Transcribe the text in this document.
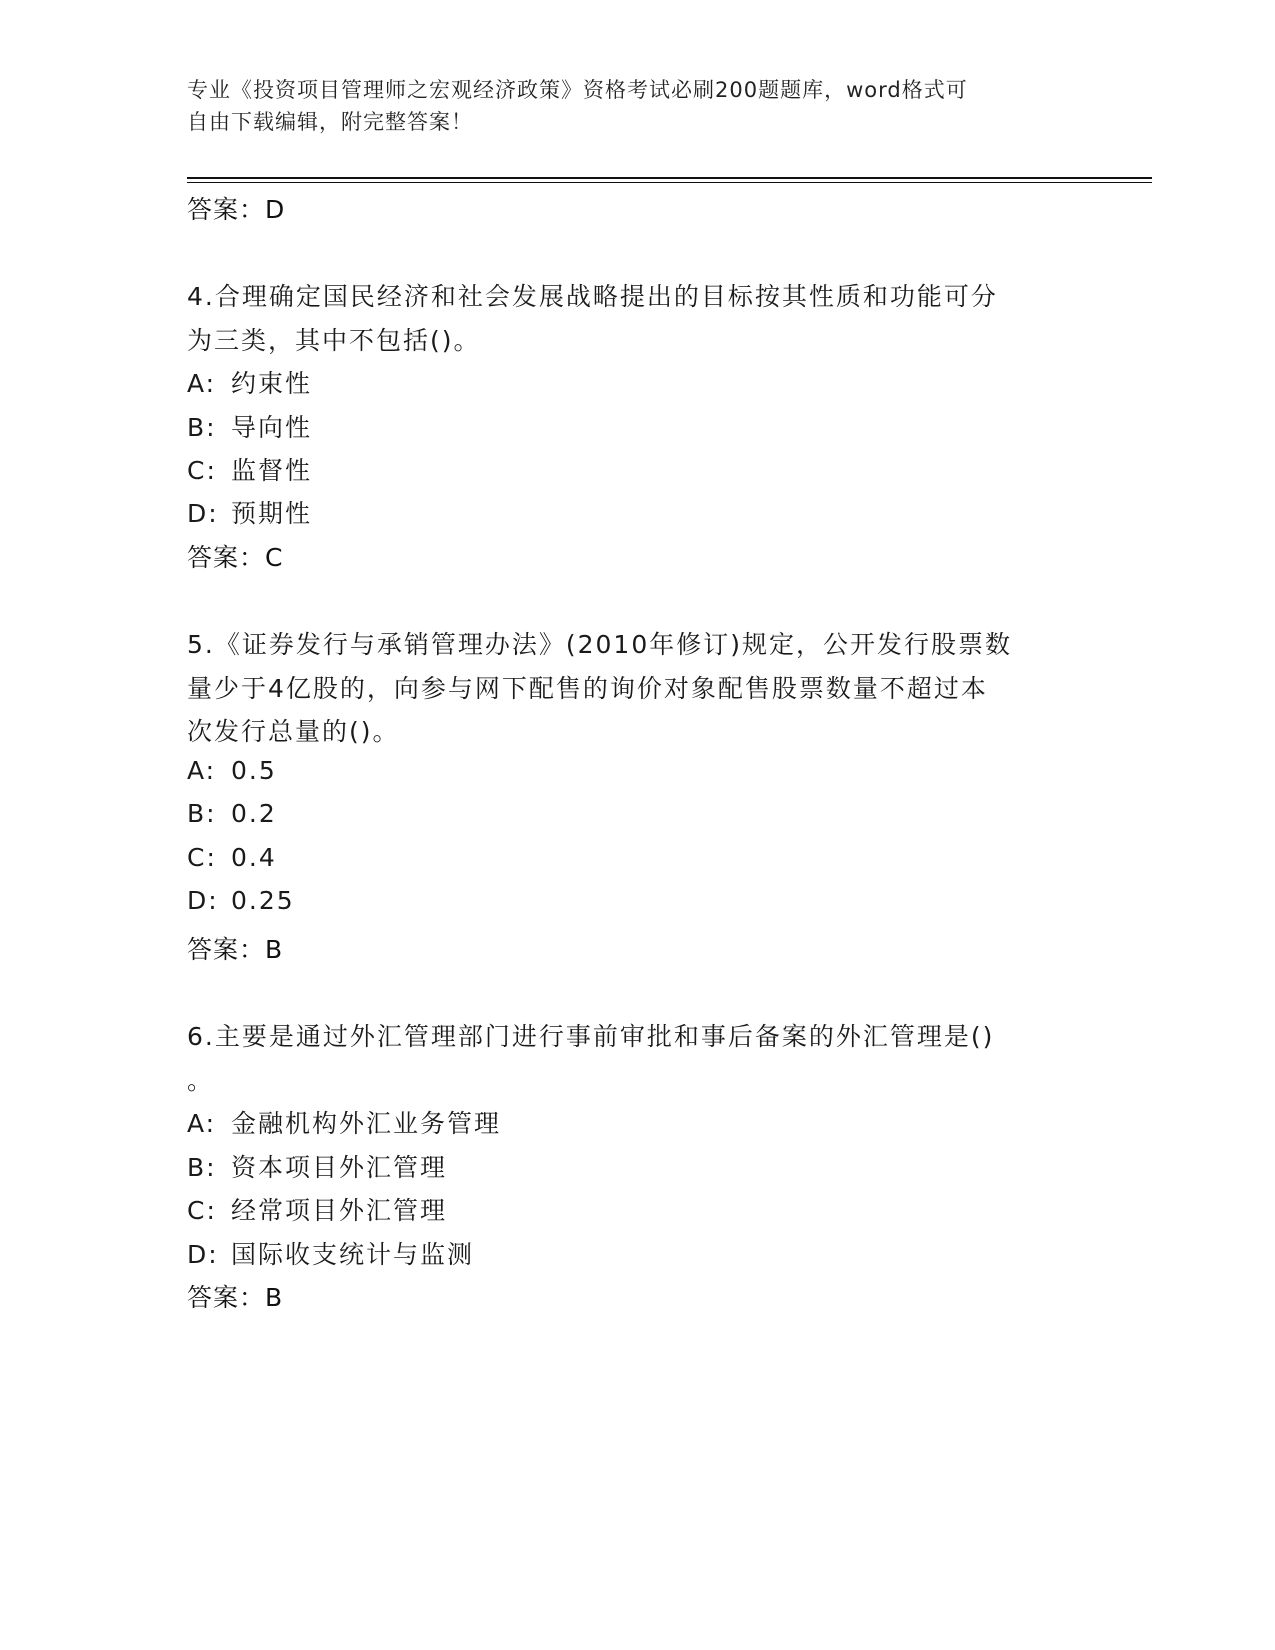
专业《投资项目管理师之宏观经济政策》资格考试必刷200题题库，word格式可
自由下载编辑，附完整答案！
答案：D
4.合理确定国民经济和社会发展战略提出的目标按其性质和功能可分
为三类，其中不包括()。
A: 约束性
B: 导向性
C: 监督性
D: 预期性
答案：C
5.《证券发行与承销管理办法》(2010年修订)规定，公开发行股票数
量少于4亿股的，向参与网下配售的询价对象配售股票数量不超过本
次发行总量的()。
A: 0.5
B: 0.2
C: 0.4
D: 0.25
答案：B
6.主要是通过外汇管理部门进行事前审批和事后备案的外汇管理是()
。
A: 金融机构外汇业务管理
B: 资本项目外汇管理
C: 经常项目外汇管理
D: 国际收支统计与监测
答案：B
